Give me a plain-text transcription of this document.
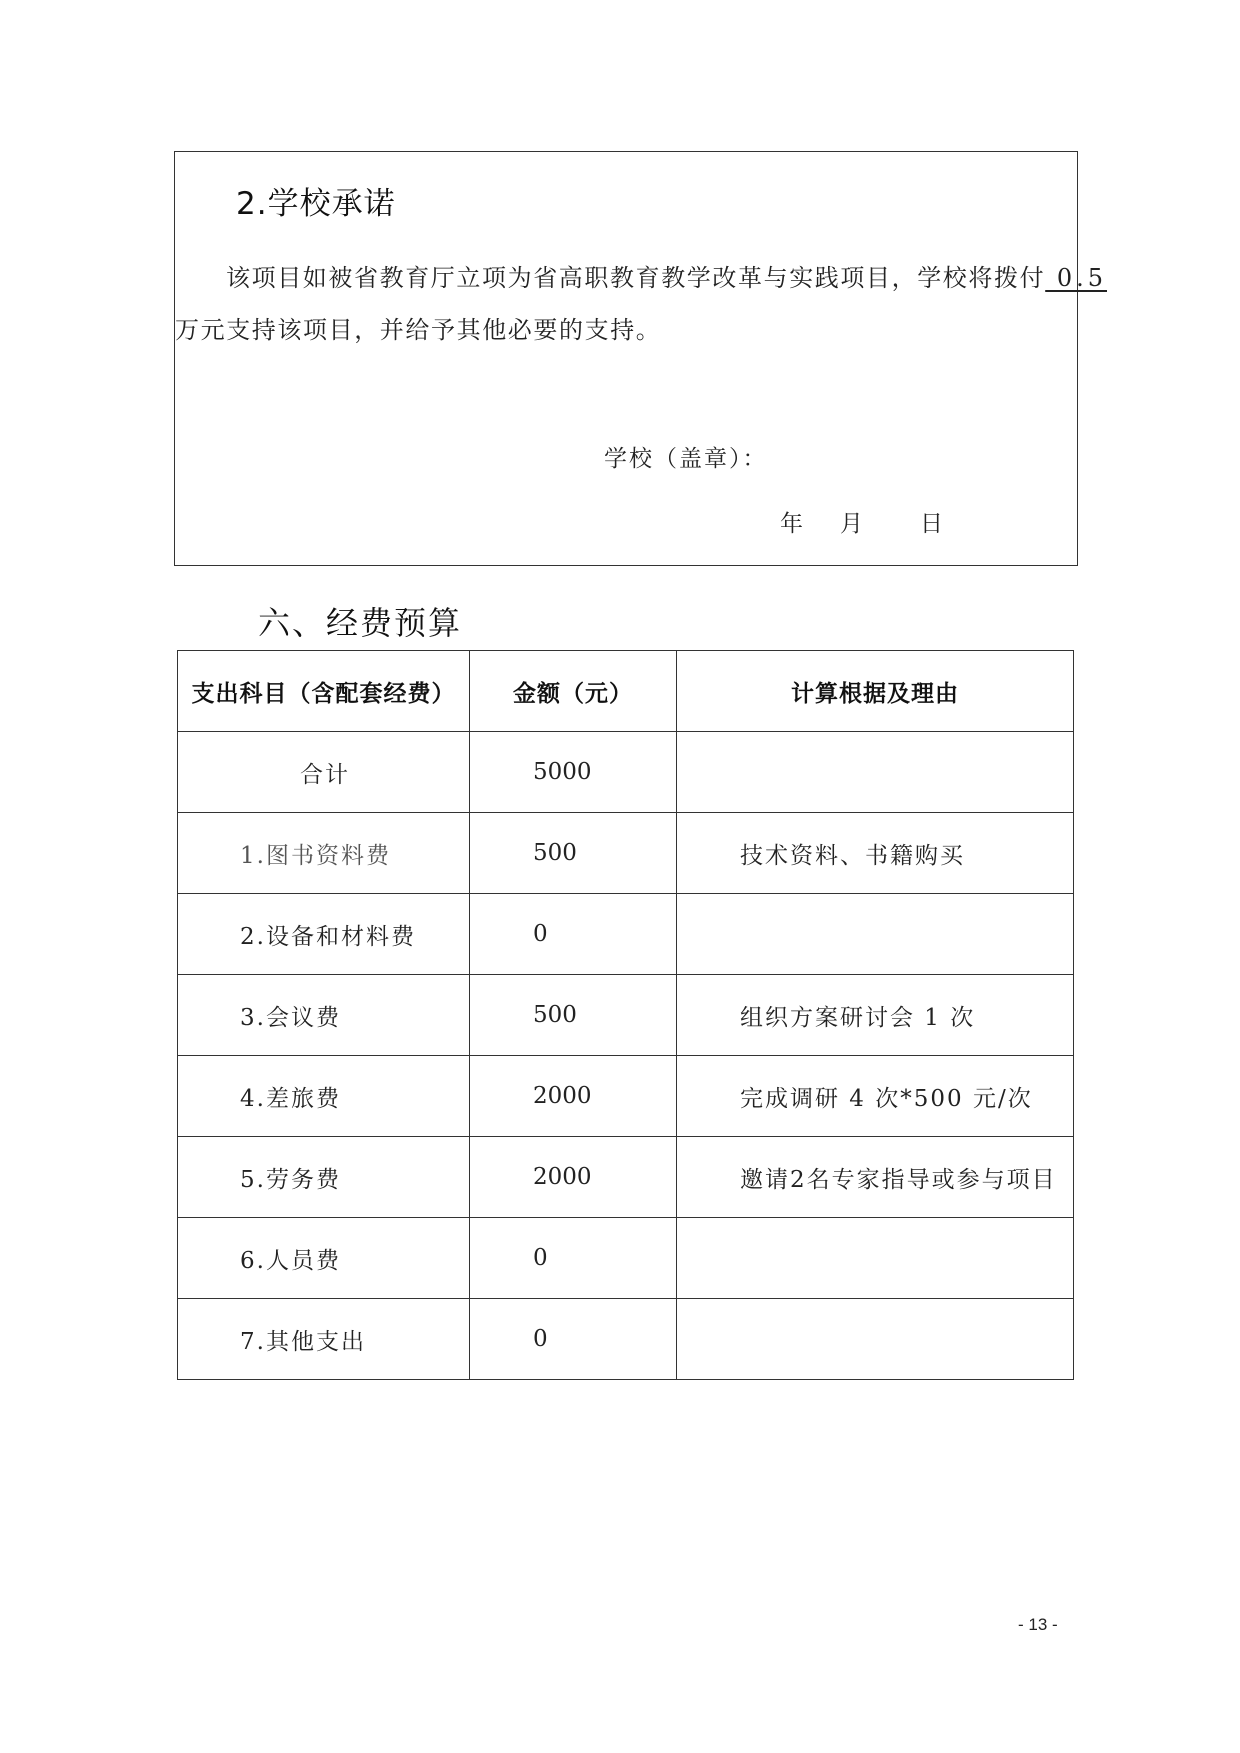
2.学校承诺
该项目如被省教育厅立项为省高职教育教学改革与实践项目，学校将拨付 0.5
万元支持该项目，并给予其他必要的支持。
学校（盖章）：
年 月 日
六、经费预算
支出科目（含配套经费）	金额（元）	计算根据及理由
合计	5000	
1.图书资料费	500	技术资料、书籍购买
2.设备和材料费	0	
3.会议费	500	组织方案研讨会 1 次
4.差旅费	2000	完成调研 4 次*500 元/次
5.劳务费	2000	邀请2名专家指导或参与项目
6.人员费	0	
7.其他支出	0	
- 13 -
